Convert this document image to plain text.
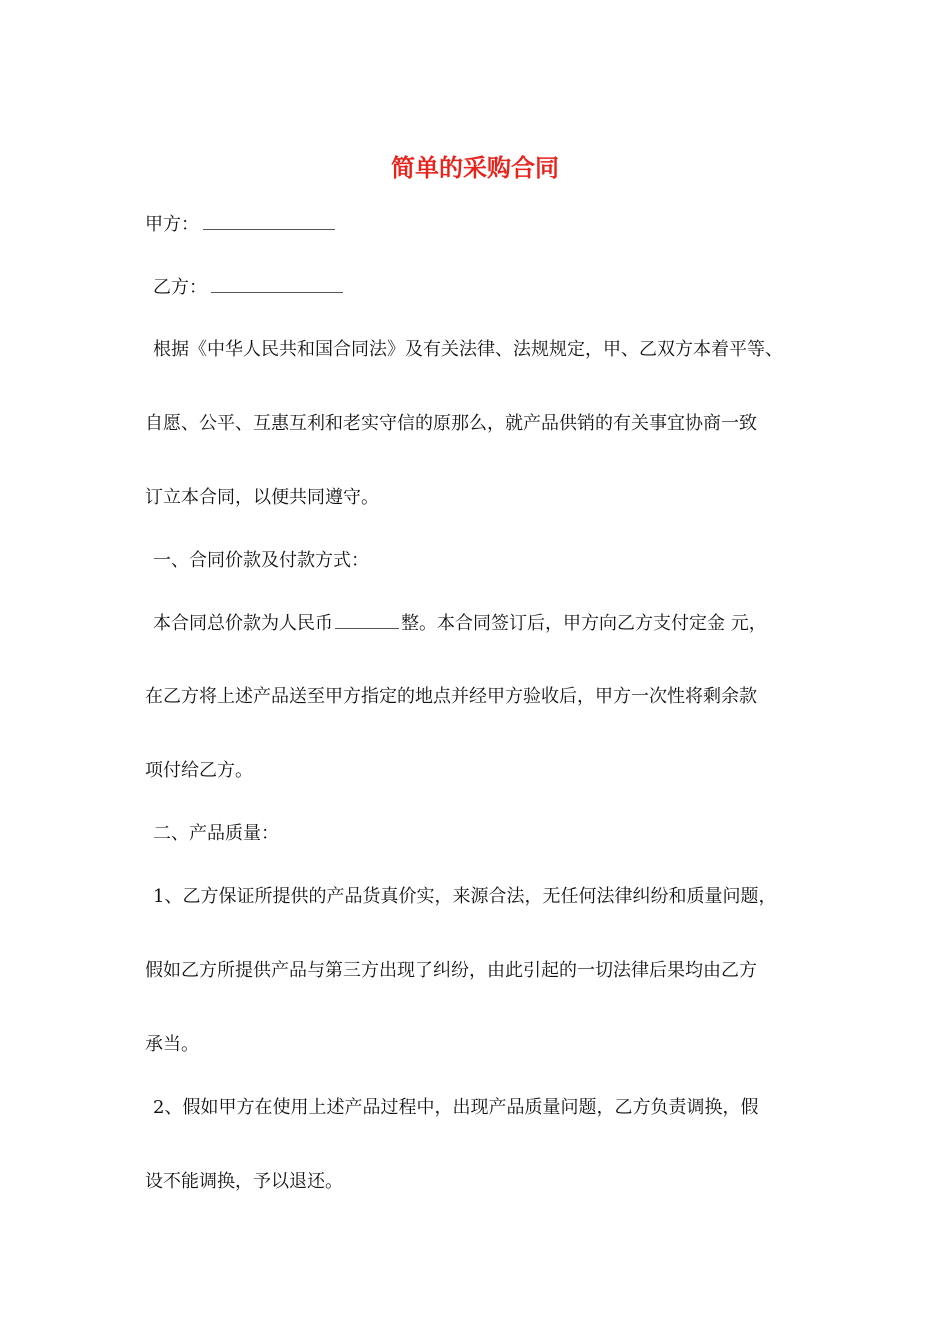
简单的采购合同
甲方：
乙方：
根据《中华人民共和国合同法》及有关法律、法规规定，甲、乙双方本着平等、
自愿、公平、互惠互利和老实守信的原那么，就产品供销的有关事宜协商一致
订立本合同，以便共同遵守。
一、合同价款及付款方式：
本合同总价款为人民币	整。本合同签订后，甲方向乙方支付定金 元，
在乙方将上述产品送至甲方指定的地点并经甲方验收后，甲方一次性将剩余款
项付给乙方。
二、产品质量：
1、乙方保证所提供的产品货真价实，来源合法，无任何法律纠纷和质量问题，
假如乙方所提供产品与第三方出现了纠纷，由此引起的一切法律后果均由乙方
承当。
2、假如甲方在使用上述产品过程中，出现产品质量问题，乙方负责调换，假
设不能调换，予以退还。
